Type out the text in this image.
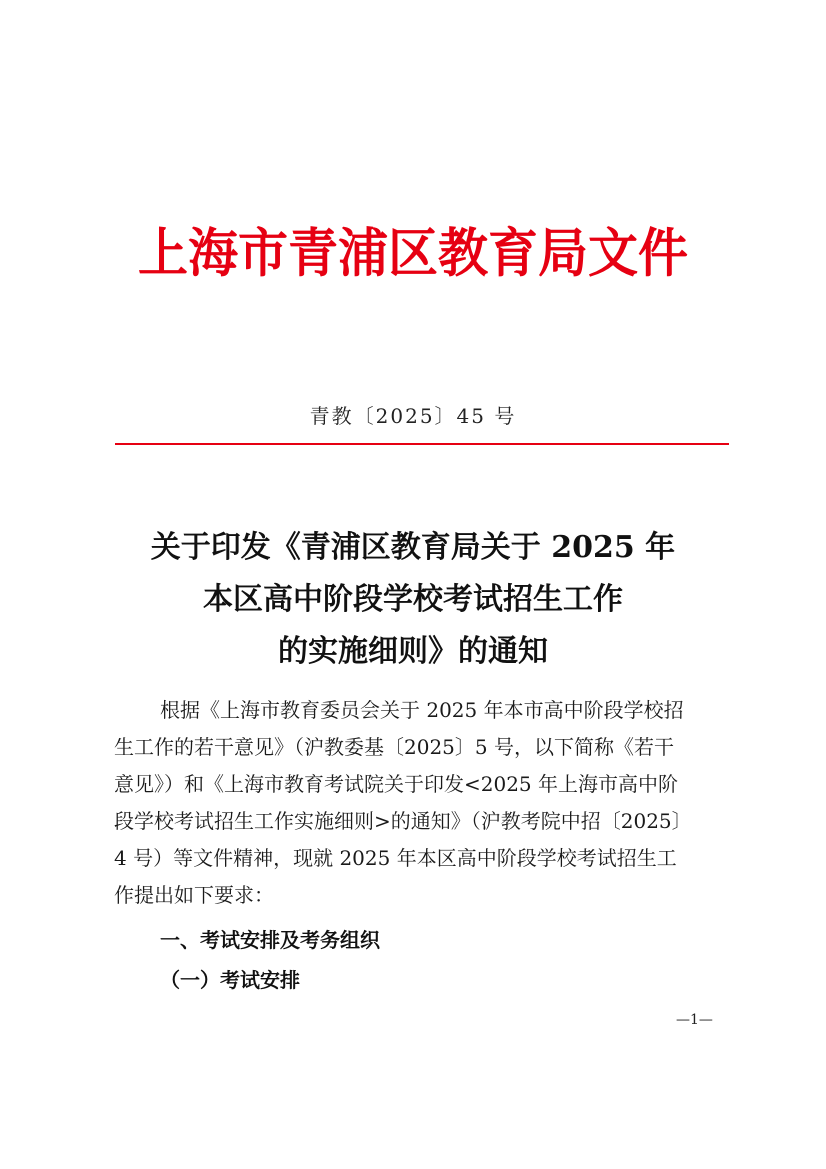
上海市青浦区教育局文件
青教〔2025〕45 号
关于印发《青浦区教育局关于 2025 年
本区高中阶段学校考试招生工作
的实施细则》的通知
根据《上海市教育委员会关于 2025 年本市高中阶段学校招
生工作的若干意见》（沪教委基〔2025〕5 号，以下简称《若干
意见》）和《上海市教育考试院关于印发<2025 年上海市高中阶
段学校考试招生工作实施细则>的通知》（沪教考院中招〔2025〕
4 号）等文件精神，现就 2025 年本区高中阶段学校考试招生工
作提出如下要求：
一、考试安排及考务组织
（一）考试安排
—1—
